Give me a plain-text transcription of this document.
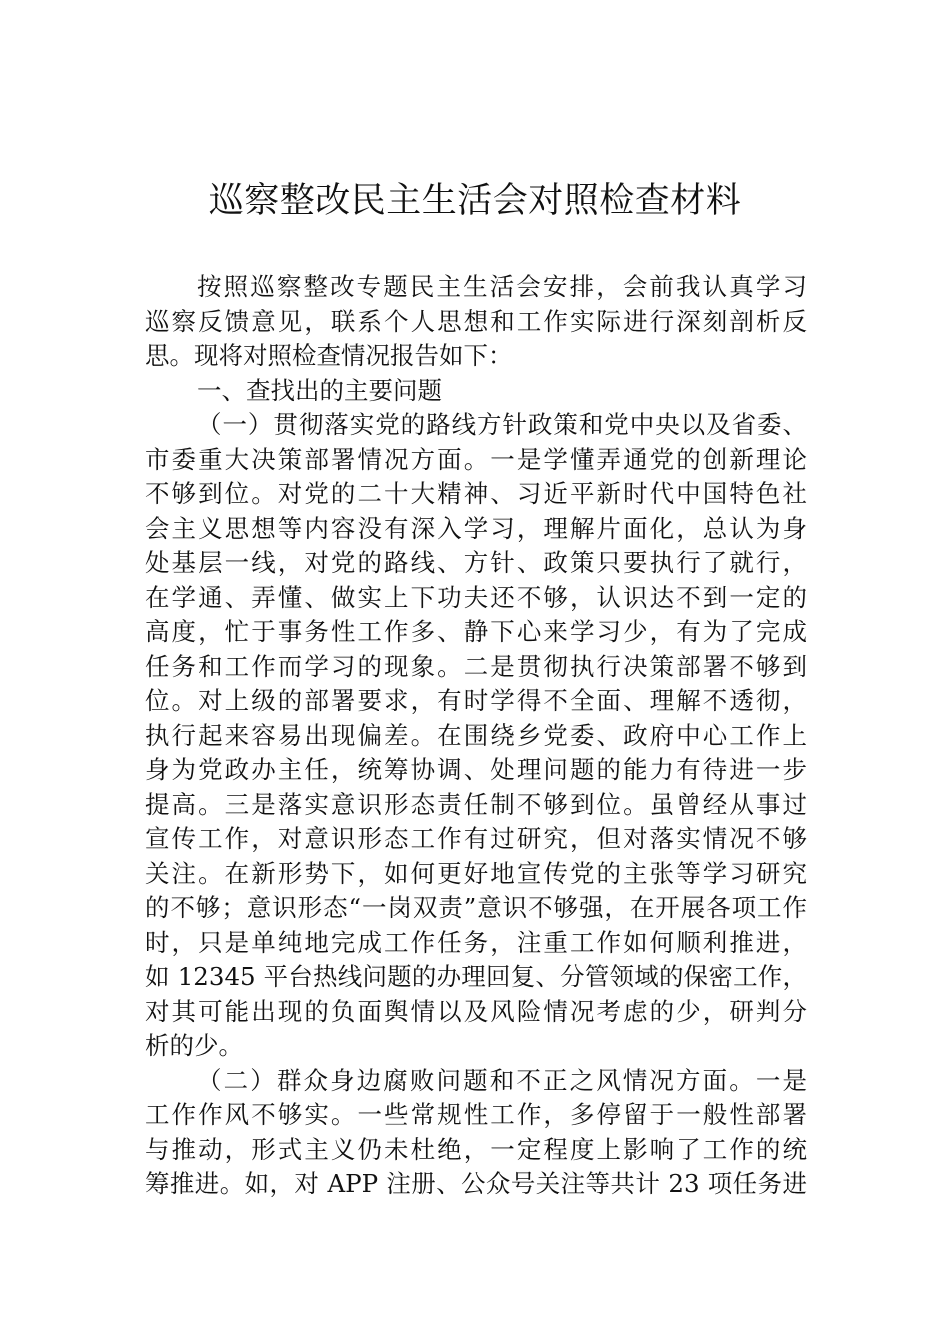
巡察整改民主生活会对照检查材料
按照巡察整改专题民主生活会安排，会前我认真学习
巡察反馈意见，联系个人思想和工作实际进行深刻剖析反
思。现将对照检查情况报告如下：
一、查找出的主要问题
（一）贯彻落实党的路线方针政策和党中央以及省委、
市委重大决策部署情况方面。一是学懂弄通党的创新理论
不够到位。对党的二十大精神、习近平新时代中国特色社
会主义思想等内容没有深入学习，理解片面化，总认为身
处基层一线，对党的路线、方针、政策只要执行了就行，
在学通、弄懂、做实上下功夫还不够，认识达不到一定的
高度，忙于事务性工作多、静下心来学习少，有为了完成
任务和工作而学习的现象。二是贯彻执行决策部署不够到
位。对上级的部署要求，有时学得不全面、理解不透彻，
执行起来容易出现偏差。在围绕乡党委、政府中心工作上
身为党政办主任，统筹协调、处理问题的能力有待进一步
提高。三是落实意识形态责任制不够到位。虽曾经从事过
宣传工作，对意识形态工作有过研究，但对落实情况不够
关注。在新形势下，如何更好地宣传党的主张等学习研究
的不够；意识形态“一岗双责”意识不够强，在开展各项工作
时，只是单纯地完成工作任务，注重工作如何顺利推进，
如 12345 平台热线问题的办理回复、分管领域的保密工作，
对其可能出现的负面舆情以及风险情况考虑的少，研判分
析的少。
（二）群众身边腐败问题和不正之风情况方面。一是
工作作风不够实。一些常规性工作，多停留于一般性部署
与推动，形式主义仍未杜绝，一定程度上影响了工作的统
筹推进。如，对 APP 注册、公众号关注等共计 23 项任务进
